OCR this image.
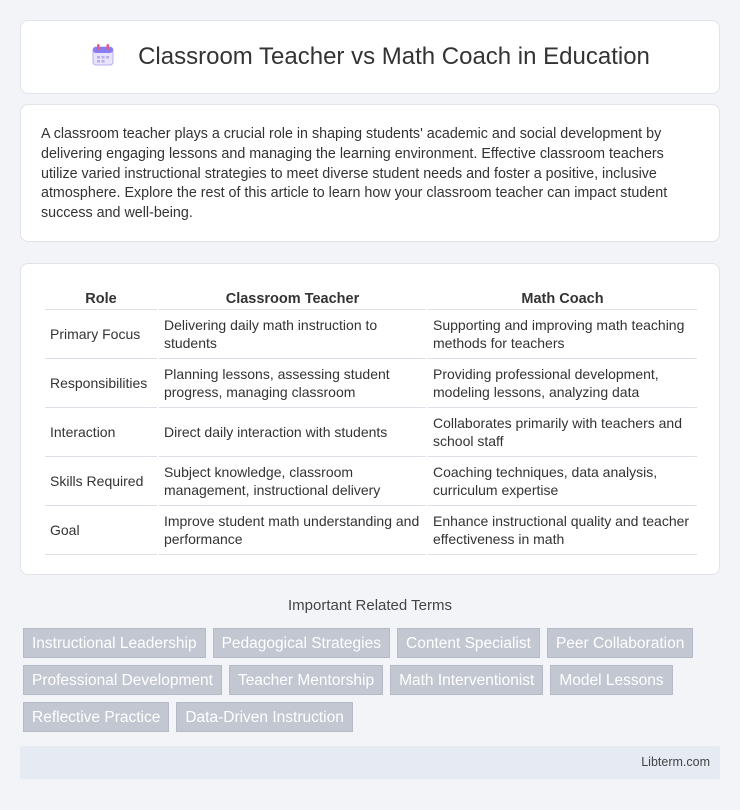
Classroom Teacher vs Math Coach in Education

A classroom teacher plays a crucial role in shaping students' academic and social development by delivering engaging lessons and managing the learning environment. Effective classroom teachers utilize varied instructional strategies to meet diverse student needs and foster a positive, inclusive atmosphere. Explore the rest of this article to learn how your classroom teacher can impact student success and well-being.

Role	Classroom Teacher	Math Coach
Primary Focus	Delivering daily math instruction to students	Supporting and improving math teaching methods for teachers
Responsibilities	Planning lessons, assessing student progress, managing classroom	Providing professional development, modeling lessons, analyzing data
Interaction	Direct daily interaction with students	Collaborates primarily with teachers and school staff
Skills Required	Subject knowledge, classroom management, instructional delivery	Coaching techniques, data analysis, curriculum expertise
Goal	Improve student math understanding and performance	Enhance instructional quality and teacher effectiveness in math
Important Related Terms
Instructional Leadership	Pedagogical Strategies	Content Specialist	Peer Collaboration
Professional Development	Teacher Mentorship	Math Interventionist	Model Lessons
Reflective Practice	Data-Driven Instruction
Libterm.com
